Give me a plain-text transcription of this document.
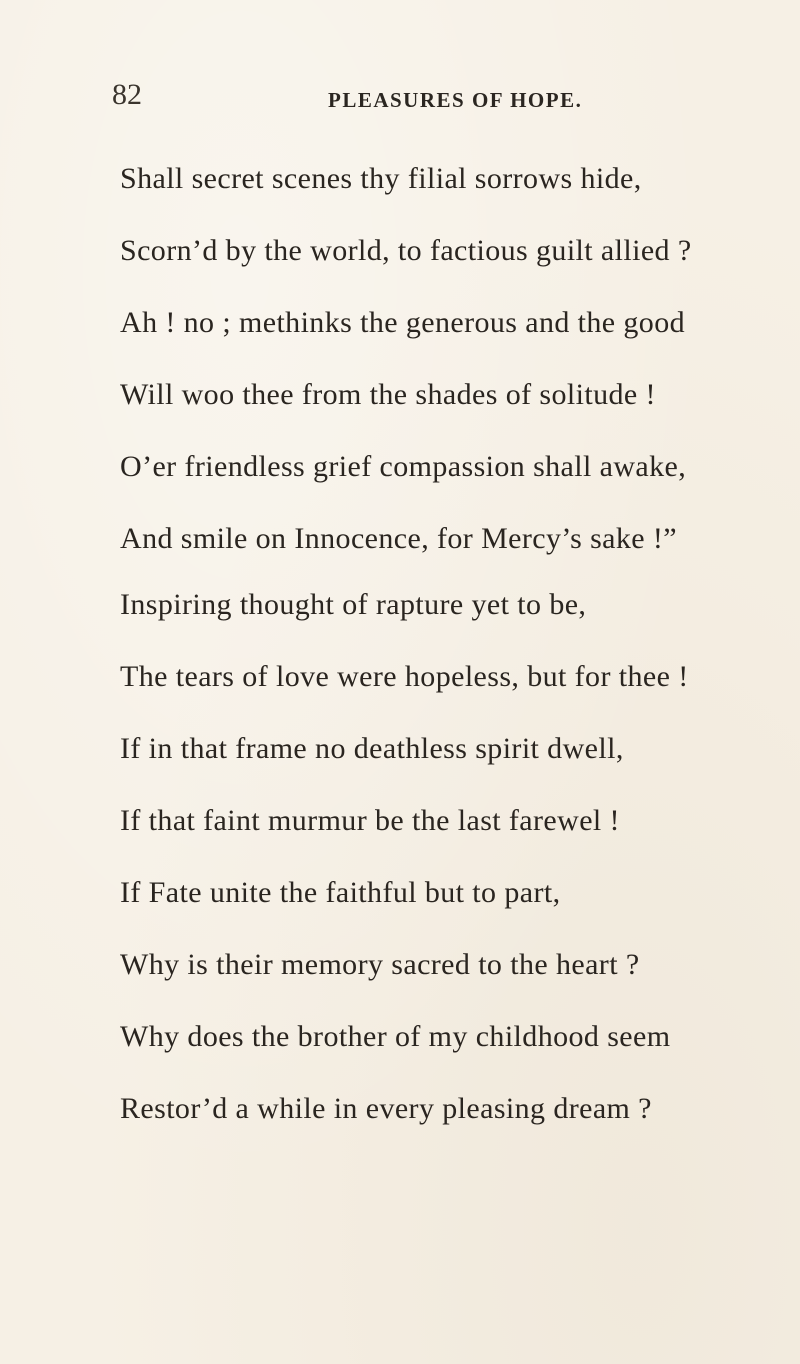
82	PLEASURES OF HOPE.
Shall secret scenes thy filial sorrows hide,
Scorn’d by the world, to factious guilt allied ?
Ah ! no ; methinks the generous and the good
Will woo thee from the shades of solitude !
O’er friendless grief compassion shall awake,
And smile on Innocence, for Mercy’s sake !”
Inspiring thought of rapture yet to be,
The tears of love were hopeless, but for thee !
If in that frame no deathless spirit dwell,
If that faint murmur be the last farewel !
If Fate unite the faithful but to part,
Why is their memory sacred to the heart ?
Why does the brother of my childhood seem
Restor’d a while in every pleasing dream ?
